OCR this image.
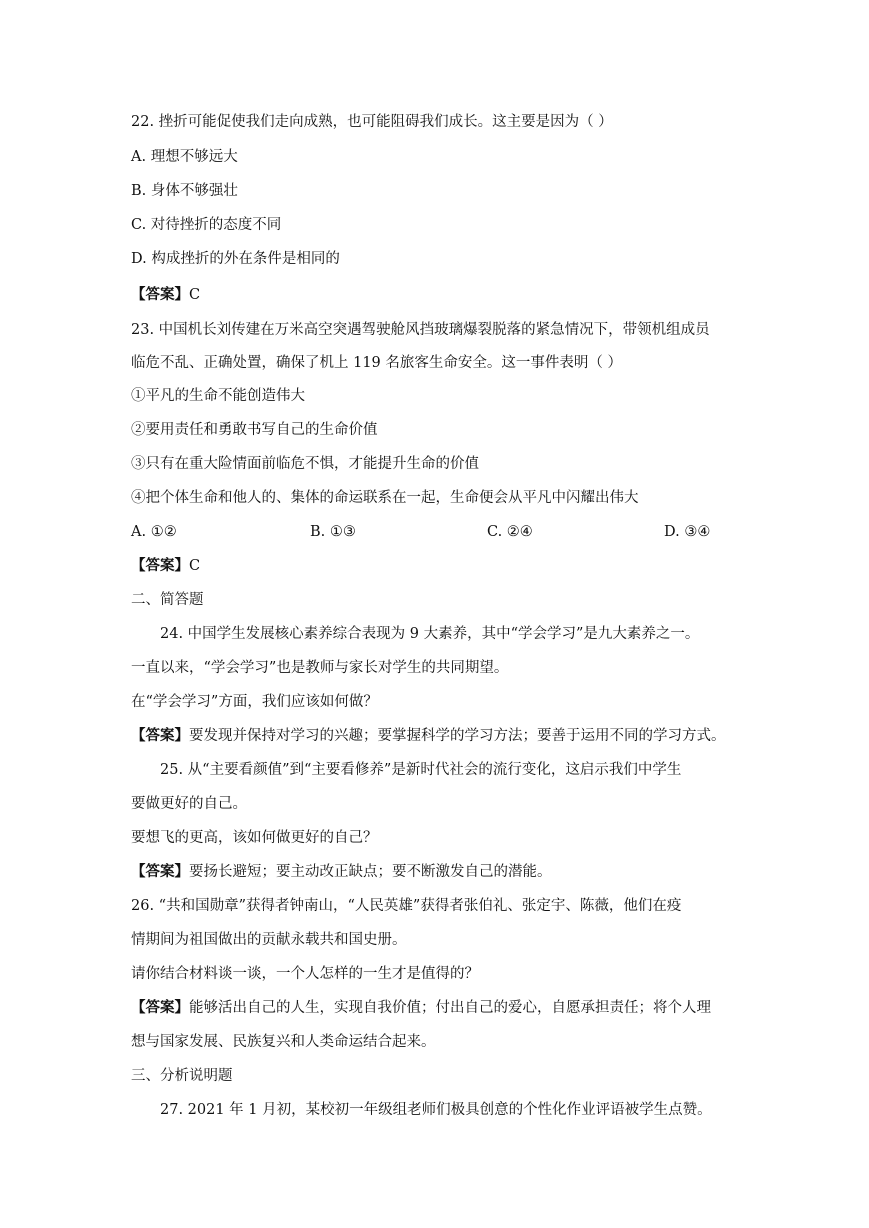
22. 挫折可能促使我们走向成熟，也可能阻碍我们成长。这主要是因为（ ）
A. 理想不够远大
B. 身体不够强壮
C. 对待挫折的态度不同
D. 构成挫折的外在条件是相同的
【答案】C
23. 中国机长刘传建在万米高空突遇驾驶舱风挡玻璃爆裂脱落的紧急情况下，带领机组成员
临危不乱、正确处置，确保了机上 119 名旅客生命安全。这一事件表明（ ）
①平凡的生命不能创造伟大
②要用责任和勇敢书写自己的生命价值
③只有在重大险情面前临危不惧，才能提升生命的价值
④把个体生命和他人的、集体的命运联系在一起，生命便会从平凡中闪耀出伟大
A. ①②	B. ①③	C. ②④	D. ③④
【答案】C
二、简答题
24. 中国学生发展核心素养综合表现为 9 大素养，其中“学会学习”是九大素养之一。
一直以来，“学会学习”也是教师与家长对学生的共同期望。
在“学会学习”方面，我们应该如何做？
【答案】要发现并保持对学习的兴趣；要掌握科学的学习方法；要善于运用不同的学习方式。
25. 从“主要看颜值”到“主要看修养”是新时代社会的流行变化，这启示我们中学生
要做更好的自己。
要想飞的更高，该如何做更好的自己？
【答案】要扬长避短；要主动改正缺点；要不断激发自己的潜能。
26. “共和国勋章”获得者钟南山，“人民英雄”获得者张伯礼、张定宇、陈薇，他们在疫
情期间为祖国做出的贡献永载共和国史册。
请你结合材料谈一谈，一个人怎样的一生才是值得的？
【答案】能够活出自己的人生，实现自我价值；付出自己的爱心，自愿承担责任；将个人理
想与国家发展、民族复兴和人类命运结合起来。
三、分析说明题
27. 2021 年 1 月初，某校初一年级组老师们极具创意的个性化作业评语被学生点赞。
